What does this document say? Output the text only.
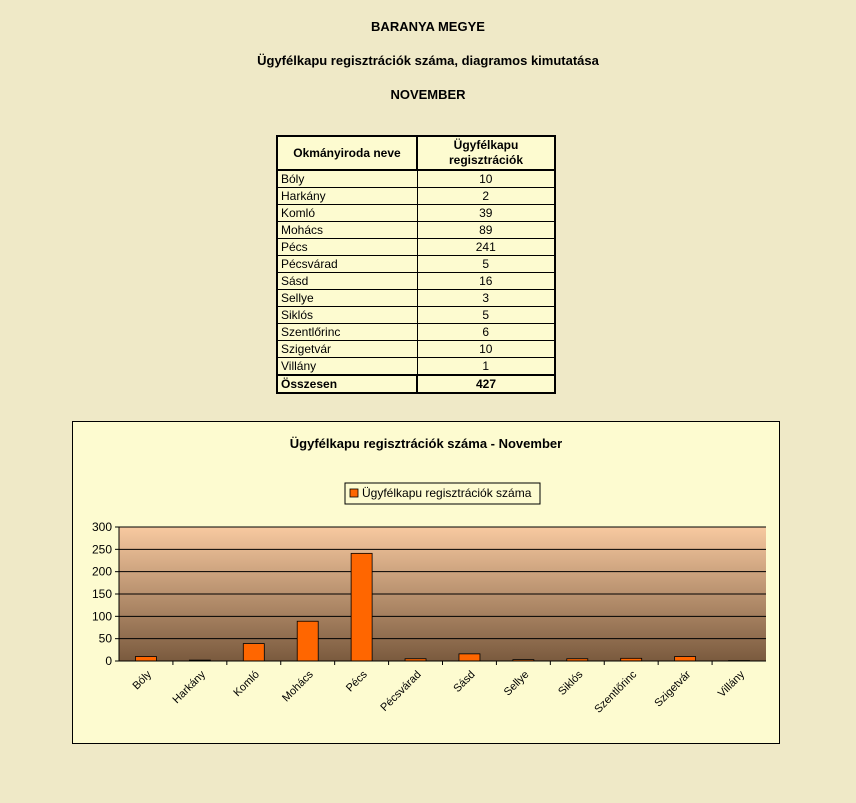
BARANYA MEGYE
Ügyfélkapu regisztrációk száma, diagramos kimutatása
NOVEMBER
Okmányiroda neve	Ügyfélkapu
regisztrációk
Bóly	10
Harkány	2
Komló	39
Mohács	89
Pécs	241
Pécsvárad	5
Sásd	16
Sellye	3
Siklós	5
Szentlőrinc	6
Szigetvár	10
Villány	1
Összesen	427
Ügyfélkapu regisztrációk száma - November
Ügyfélkapu regisztrációk száma
0
50
100
150
200
250
300
Bóly Harkány Komló Mohács	Pécs Pécsvárad	Sásd Sellye Siklós Szentlőrinc Szigetvár Villány
